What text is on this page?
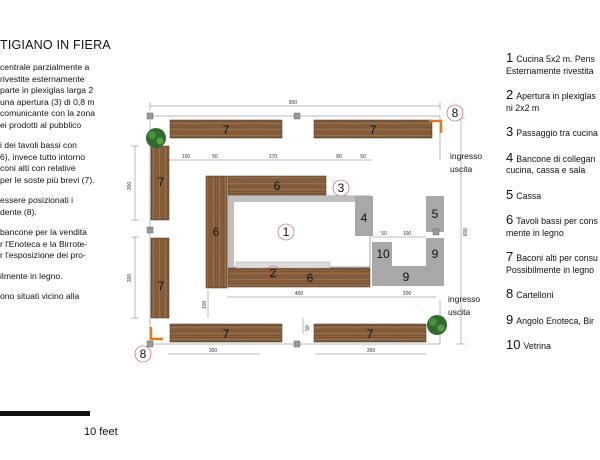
TIGIANO IN FIERA

centrale parzialmente a
rivestite esternamente
parte in plexiglas larga 2
una apertura (3) di 0,8 m
comunicante con la zona
ei prodotti al pubblico

i dei tavoli bassi con
6), invece tutto intorno
coni alti con relative
per le soste più brevi (7).

essere posizionati i
dente (8).

bancone per la vendita
r l'Enoteca e la Birrote-
r l'esposizione dei pro-

ilmente in legno.

ono situati vicino alla

800
300
300
600
100	50	270	80	50
50	100
400	200
100
300	300
50
1
2
3
4	5
6
6
6
7	7
7
7
7	7
8
8
9
10	9
ingresso
uscita
ingresso
uscita
1 Cucina 5x2 m. Pens
Esternamente rivestita
2 Apertura in plexiglas
ni 2x2 m
3 Passaggio tra cucina
4 Bancone di collegan
cucina, cassa e sala
5 Cassa
6 Tavoli bassi per cons
mente in legno
7 Baconi alti per consu
Possibilmente in legno
8 Cartelloni
9 Angolo Enoteca, Bir
10 Vetrina
10 feet
